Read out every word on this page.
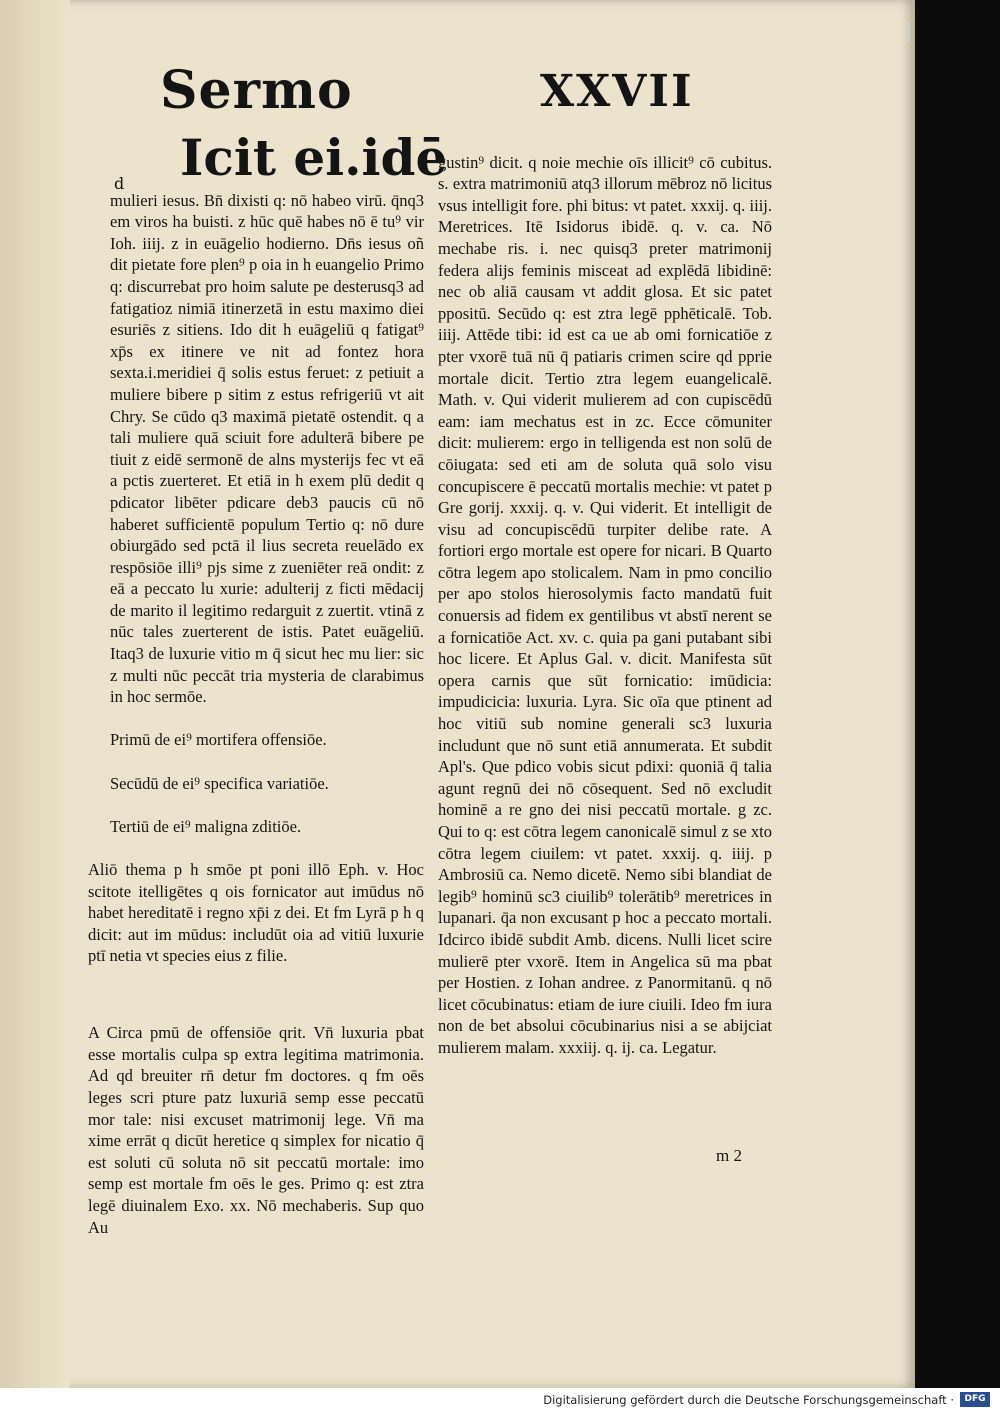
Sermo	XXVII
Icit ei.idē
d

mulieri iesus. Bn̄ dixisti q: nō habeo virū. q̄nq3 em viros ha buisti. z hūc quē habes nō ē tu⁹ vir Ioh. iiij. z in euāgelio hodierno. Dn̄s iesus oñ dit pietate fore plen⁹ p oia in h euangelio Primo q: discurrebat pro hoim salute pe desterusq3 ad fatigatioz nimiā itinerzetā in estu maximo diei esuriēs z sitiens. Ido dit h euāgeliū q fatigat⁹ xp̄s ex itinere ve nit ad fontez hora sexta.i.meridiei q̄ solis estus feruet: z petiuit a muliere bibere p sitim z estus refrigeriū vt ait Chry. Se cūdo q3 maximā pietatē ostendit. q a tali muliere quā sciuit fore adulterā bibere pe tiuit z eidē sermonē de alns mysterijs fec vt eā a pctis zuerteret. Et etiā in h exem plū dedit q pdicator libēter pdicare deb3 paucis cū nō haberet sufficientē populum Tertio q: nō dure obiurgādo sed pctā il lius secreta reuelādo ex respōsiōe illi⁹ pjs sime z zueniēter reā ondit: z eā a peccato lu xurie: adulterij z ficti mēdacij de marito il legitimo redarguit z zuertit. vtinā z nūc tales zuerterent de istis. Patet euāgeliū. Itaq3 de luxurie vitio m q̄ sicut hec mu lier: sic z multi nūc peccāt tria mysteria de clarabimus in hoc sermōe.

Primū de ei⁹ mortifera offensiōe.

Secūdū de ei⁹ specifica variatiōe.

Tertiū de ei⁹ maligna zditiōe.

Aliō thema p h smōe pt poni illō Eph. v. Hoc scitote itelligētes q ois fornicator aut imūdus nō habet hereditatē i regno xp̄i z dei. Et fm Lyrā p h q dicit: aut im mūdus: includūt oia ad vitiū luxurie ptī netia vt species eius z filie.

A Circa pmū de offensiōe qrit. Vn̄ luxuria pbat esse mortalis culpa sp extra legitima matrimonia. Ad qd breuiter rn̄ detur fm doctores. q fm oēs leges scri pture patz luxuriā semp esse peccatū mor tale: nisi excuset matrimonij lege. Vn̄ ma xime errāt q dicūt heretice q simplex for nicatio q̄ est soluti cū soluta nō sit peccatū mortale: imo semp est mortale fm oēs le ges. Primo q: est ztra legē diuinalem Exo. xx. Nō mechaberis. Sup quo Au

gustin⁹ dicit. q noie mechie oīs illicit⁹ cō cubitus. s. extra matrimoniū atq3 illorum mēbroz nō licitus vsus intelligit fore. phi bitus: vt patet. xxxij. q. iiij. Meretrices. Itē Isidorus ibidē. q. v. ca. Nō mechabe ris. i. nec quisq3 preter matrimonij federa alijs feminis misceat ad explēdā libidinē: nec ob aliā causam vt addit glosa. Et sic patet ppositū. Secūdo q: est ztra legē pphēticalē. Tob. iiij. Attēde tibi: id est ca ue ab omi fornicatiōe z pter vxorē tuā nū q̄ patiaris crimen scire qd pprie mortale dicit. Tertio ztra legem euangelicalē. Math. v. Qui viderit mulierem ad con cupiscēdū eam: iam mechatus est in zc. Ecce cōmuniter dicit: mulierem: ergo in telligenda est non solū de cōiugata: sed eti am de soluta quā solo visu concupiscere ē peccatū mortalis mechie: vt patet p Gre gorij. xxxij. q. v. Qui viderit. Et intelligit de visu ad concupiscēdū turpiter delibe rate. A fortiori ergo mortale est opere for nicari. B Quarto cōtra legem apo stolicalem. Nam in pmo concilio per apo stolos hierosolymis facto mandatū fuit conuersis ad fidem ex gentilibus vt abstī nerent se a fornicatiōe Act. xv. c. quia pa gani putabant sibi hoc licere. Et Aplus Gal. v. dicit. Manifesta sūt opera carnis que sūt fornicatio: imūdicia: impudicicia: luxuria. Lyra. Sic oīa que ptinent ad hoc vitiū sub nomine generali sc3 luxuria includunt que nō sunt etiā annumerata. Et subdit Apl's. Que pdico vobis sicut pdixi: quoniā q̄ talia agunt regnū dei nō cōsequent. Sed nō excludit hominē a re gno dei nisi peccatū mortale. g zc. Qui to q: est cōtra legem canonicalē simul z se xto cōtra legem ciuilem: vt patet. xxxij. q. iiij. p Ambrosiū ca. Nemo dicetē. Nemo sibi blandiat de legib⁹ hominū sc3 ciuilib⁹ tolerātib⁹ meretrices in lupanari. q̄a non excusant p hoc a peccato mortali. Idcirco ibidē subdit Amb. dicens. Nulli licet scire mulierē pter vxorē. Item in Angelica sū ma pbat per Hostien. z Iohan andree. z Panormitanū. q nō licet cōcubinatus: etiam de iure ciuili. Ideo fm iura non de bet absolui cōcubinarius nisi a se abijciat mulierem malam. xxxiij. q. ij. ca. Legatur.

m 2
Digitalisierung gefördert durch die Deutsche Forschungsgemeinschaft ·	DFG
